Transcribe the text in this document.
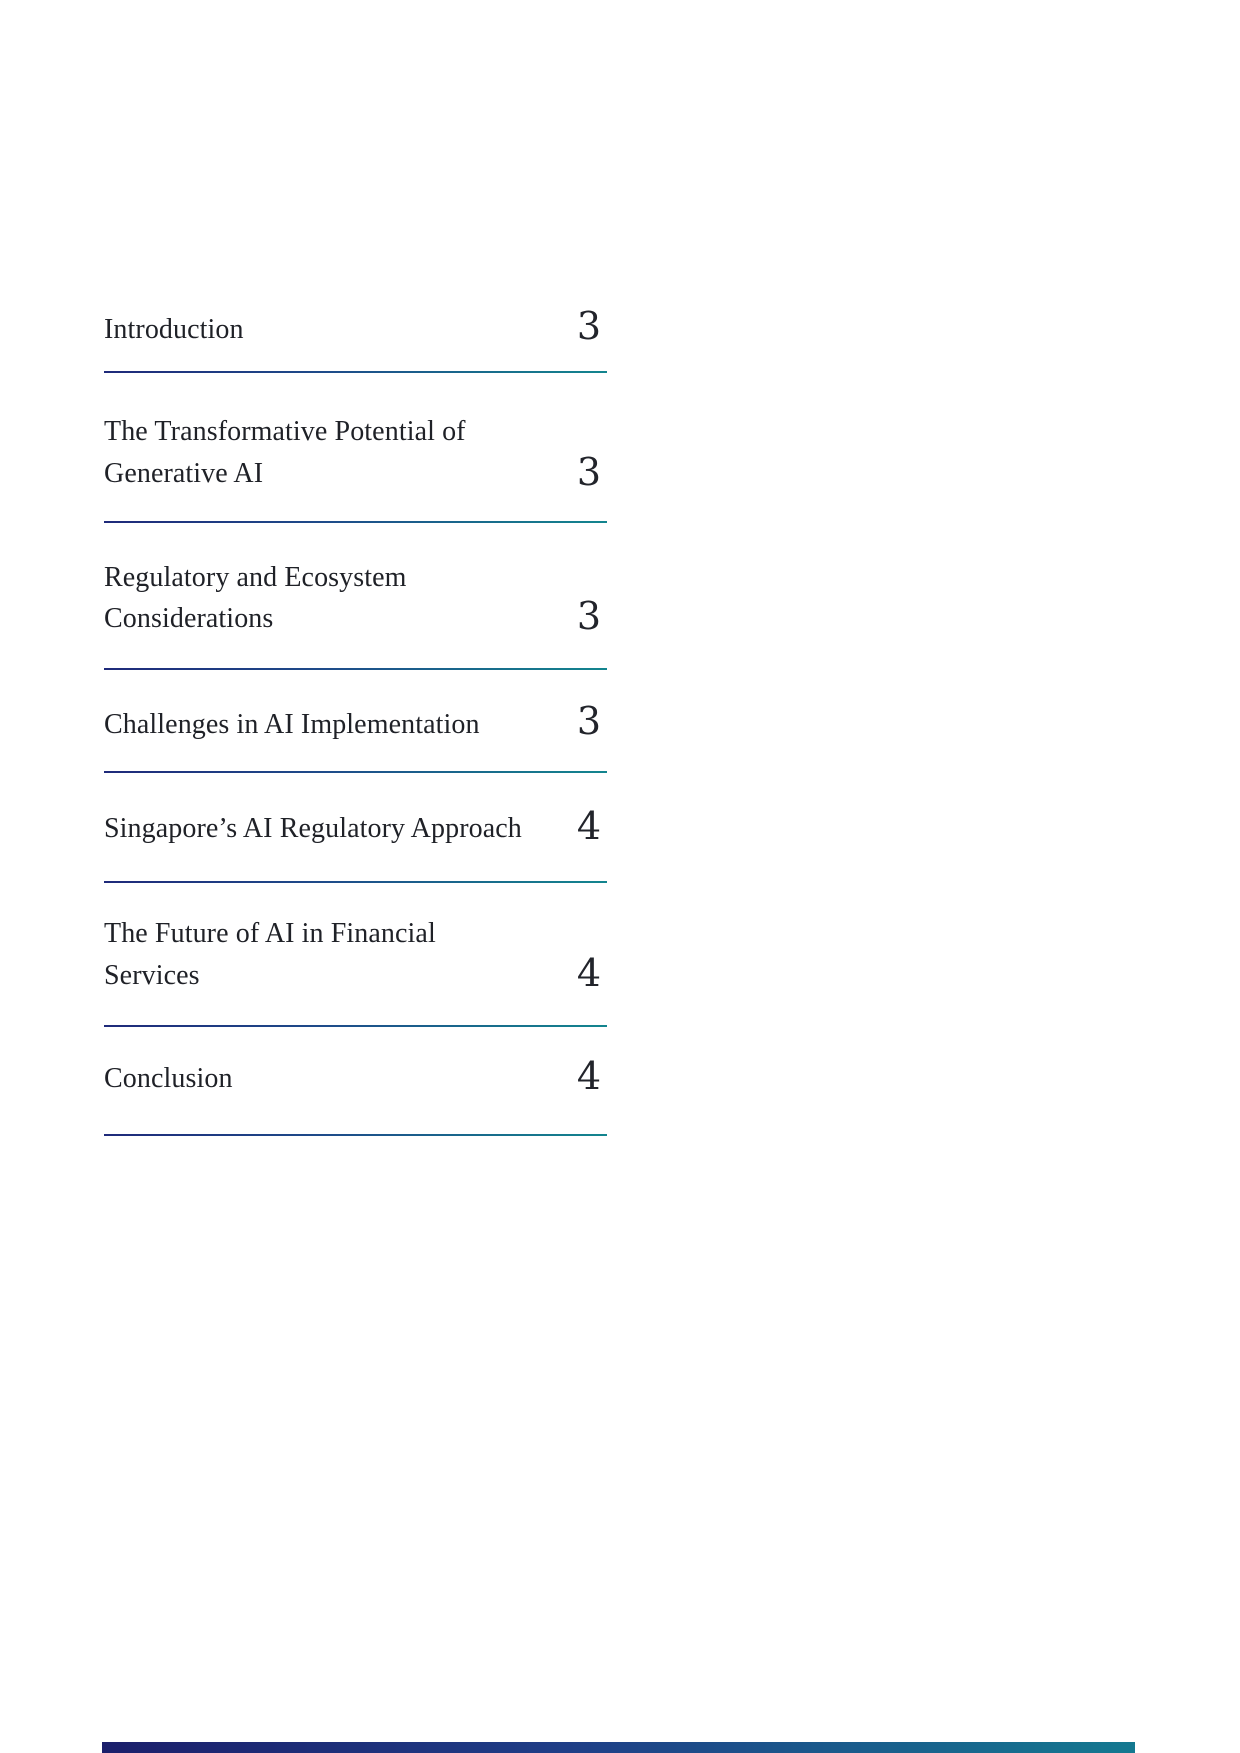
Introduction	3
The Transformative Potential of
Generative AI	3
Regulatory and Ecosystem
Considerations	3
Challenges in AI Implementation	3
Singapore’s AI Regulatory Approach 4
The Future of AI in Financial
Services	4
Conclusion	4
